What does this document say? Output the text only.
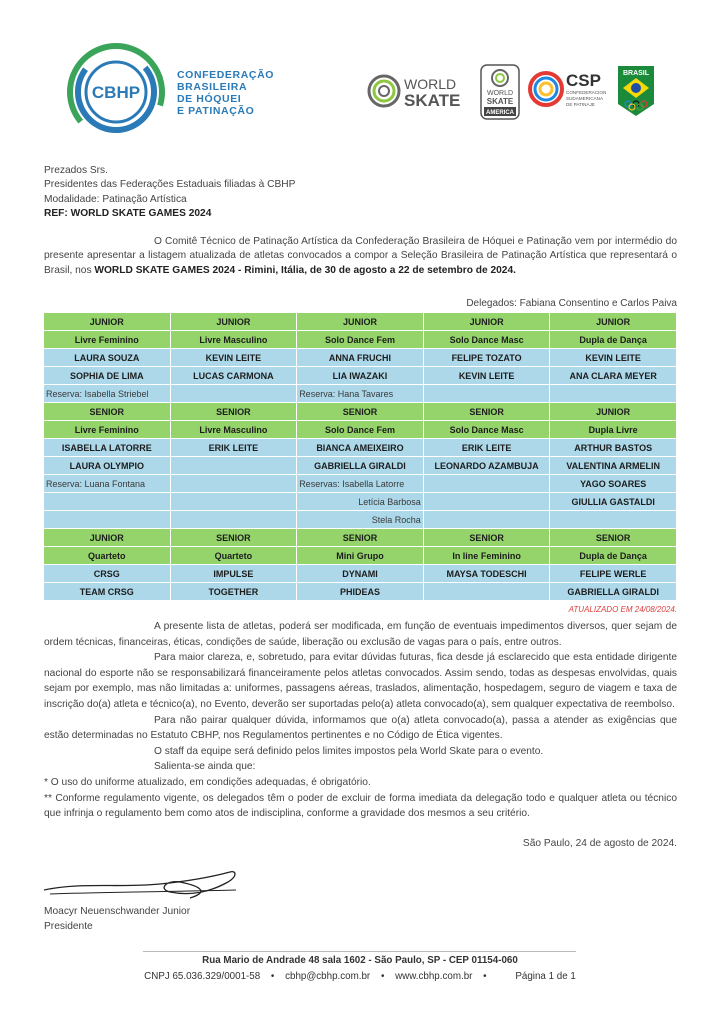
CBHP
CONFEDERAÇÃO
BRASILEIRA
DE HÓQUEI
E PATINAÇÃO
WORLD
SKATE	WORLD
SKATE
AMERICA
CSP
CONFEDERACION
SUDAMERICANA
DE PATINAJE
BRASIL

Prezados Srs.

Presidentes das Federações Estaduais filiadas à CBHP

Modalidade: Patinação Artística

REF: WORLD SKATE GAMES 2024

O Comitê Técnico de Patinação Artística da Confederação Brasileira de Hóquei e Patinação vem por intermédio do presente apresentar a listagem atualizada de atletas convocados a compor a Seleção Brasileira de Patinação Artística que representará o Brasil, nos WORLD SKATE GAMES 2024 - Rimini, Itália, de 30 de agosto a 22 de setembro de 2024.

Delegados: Fabiana Consentino e Carlos Paiva
JUNIOR	JUNIOR	JUNIOR	JUNIOR	JUNIOR
Livre Feminino	Livre Masculino	Solo Dance Fem	Solo Dance Masc	Dupla de Dança
LAURA SOUZA	KEVIN LEITE	ANNA FRUCHI	FELIPE TOZATO	KEVIN LEITE
SOPHIA DE LIMA	LUCAS CARMONA	LIA IWAZAKI	KEVIN LEITE	ANA CLARA MEYER
Reserva: Isabella Striebel		Reserva: Hana Tavares		
SENIOR	SENIOR	SENIOR	SENIOR	JUNIOR
Livre Feminino	Livre Masculino	Solo Dance Fem	Solo Dance Masc	Dupla Livre
ISABELLA LATORRE	ERIK LEITE	BIANCA AMEIXEIRO	ERIK LEITE	ARTHUR BASTOS
LAURA OLYMPIO		GABRIELLA GIRALDI	LEONARDO AZAMBUJA	VALENTINA ARMELIN
Reserva: Luana Fontana		Reservas: Isabella Latorre		YAGO SOARES
		Letícia Barbosa		GIULLIA GASTALDI
		Stela Rocha		
JUNIOR	SENIOR	SENIOR	SENIOR	SENIOR
Quarteto	Quarteto	Mini Grupo	In line Feminino	Dupla de Dança
CRSG	IMPULSE	DYNAMI	MAYSA TODESCHI	FELIPE WERLE
TEAM CRSG	TOGETHER	PHIDEAS		GABRIELLA GIRALDI
ATUALIZADO EM 24/08/2024.

A presente lista de atletas, poderá ser modificada, em função de eventuais impedimentos diversos, quer sejam de ordem técnicas, financeiras, éticas, condições de saúde, liberação ou exclusão de vagas para o país, entre outros.

Para maior clareza, e, sobretudo, para evitar dúvidas futuras, fica desde já esclarecido que esta entidade dirigente nacional do esporte não se responsabilizará financeiramente pelos atletas convocados. Assim sendo, todas as despesas envolvidas, quais sejam por exemplo, mas não limitadas a: uniformes, passagens aéreas, traslados, alimentação, hospedagem, seguro de viagem e taxa de inscrição do(a) atleta e técnico(a), no Evento, deverão ser suportadas pelo(a) atleta convocado(a), sem qualquer expectativa de reembolso.

Para não pairar qualquer dúvida, informamos que o(a) atleta convocado(a), passa a atender as exigências que estão determinadas no Estatuto CBHP, nos Regulamentos pertinentes e no Código de Ética vigentes.

O staff da equipe será definido pelos limites impostos pela World Skate para o evento.

Salienta-se ainda que:

* O uso do uniforme atualizado, em condições adequadas, é obrigatório.

** Conforme regulamento vigente, os delegados têm o poder de excluir de forma imediata da delegação todo e qualquer atleta ou técnico que infrinja o regulamento bem como atos de indisciplina, conforme a gravidade dos mesmos a seu critério.

São Paulo, 24 de agosto de 2024.
Moacyr Neuenschwander Junior
Presidente
Rua Mario de Andrade 48 sala 1602 - São Paulo, SP - CEP 01154-060
CNPJ 65.036.329/0001-58 • cbhp@cbhp.com.br • www.cbhp.com.br •	Página 1 de 1
